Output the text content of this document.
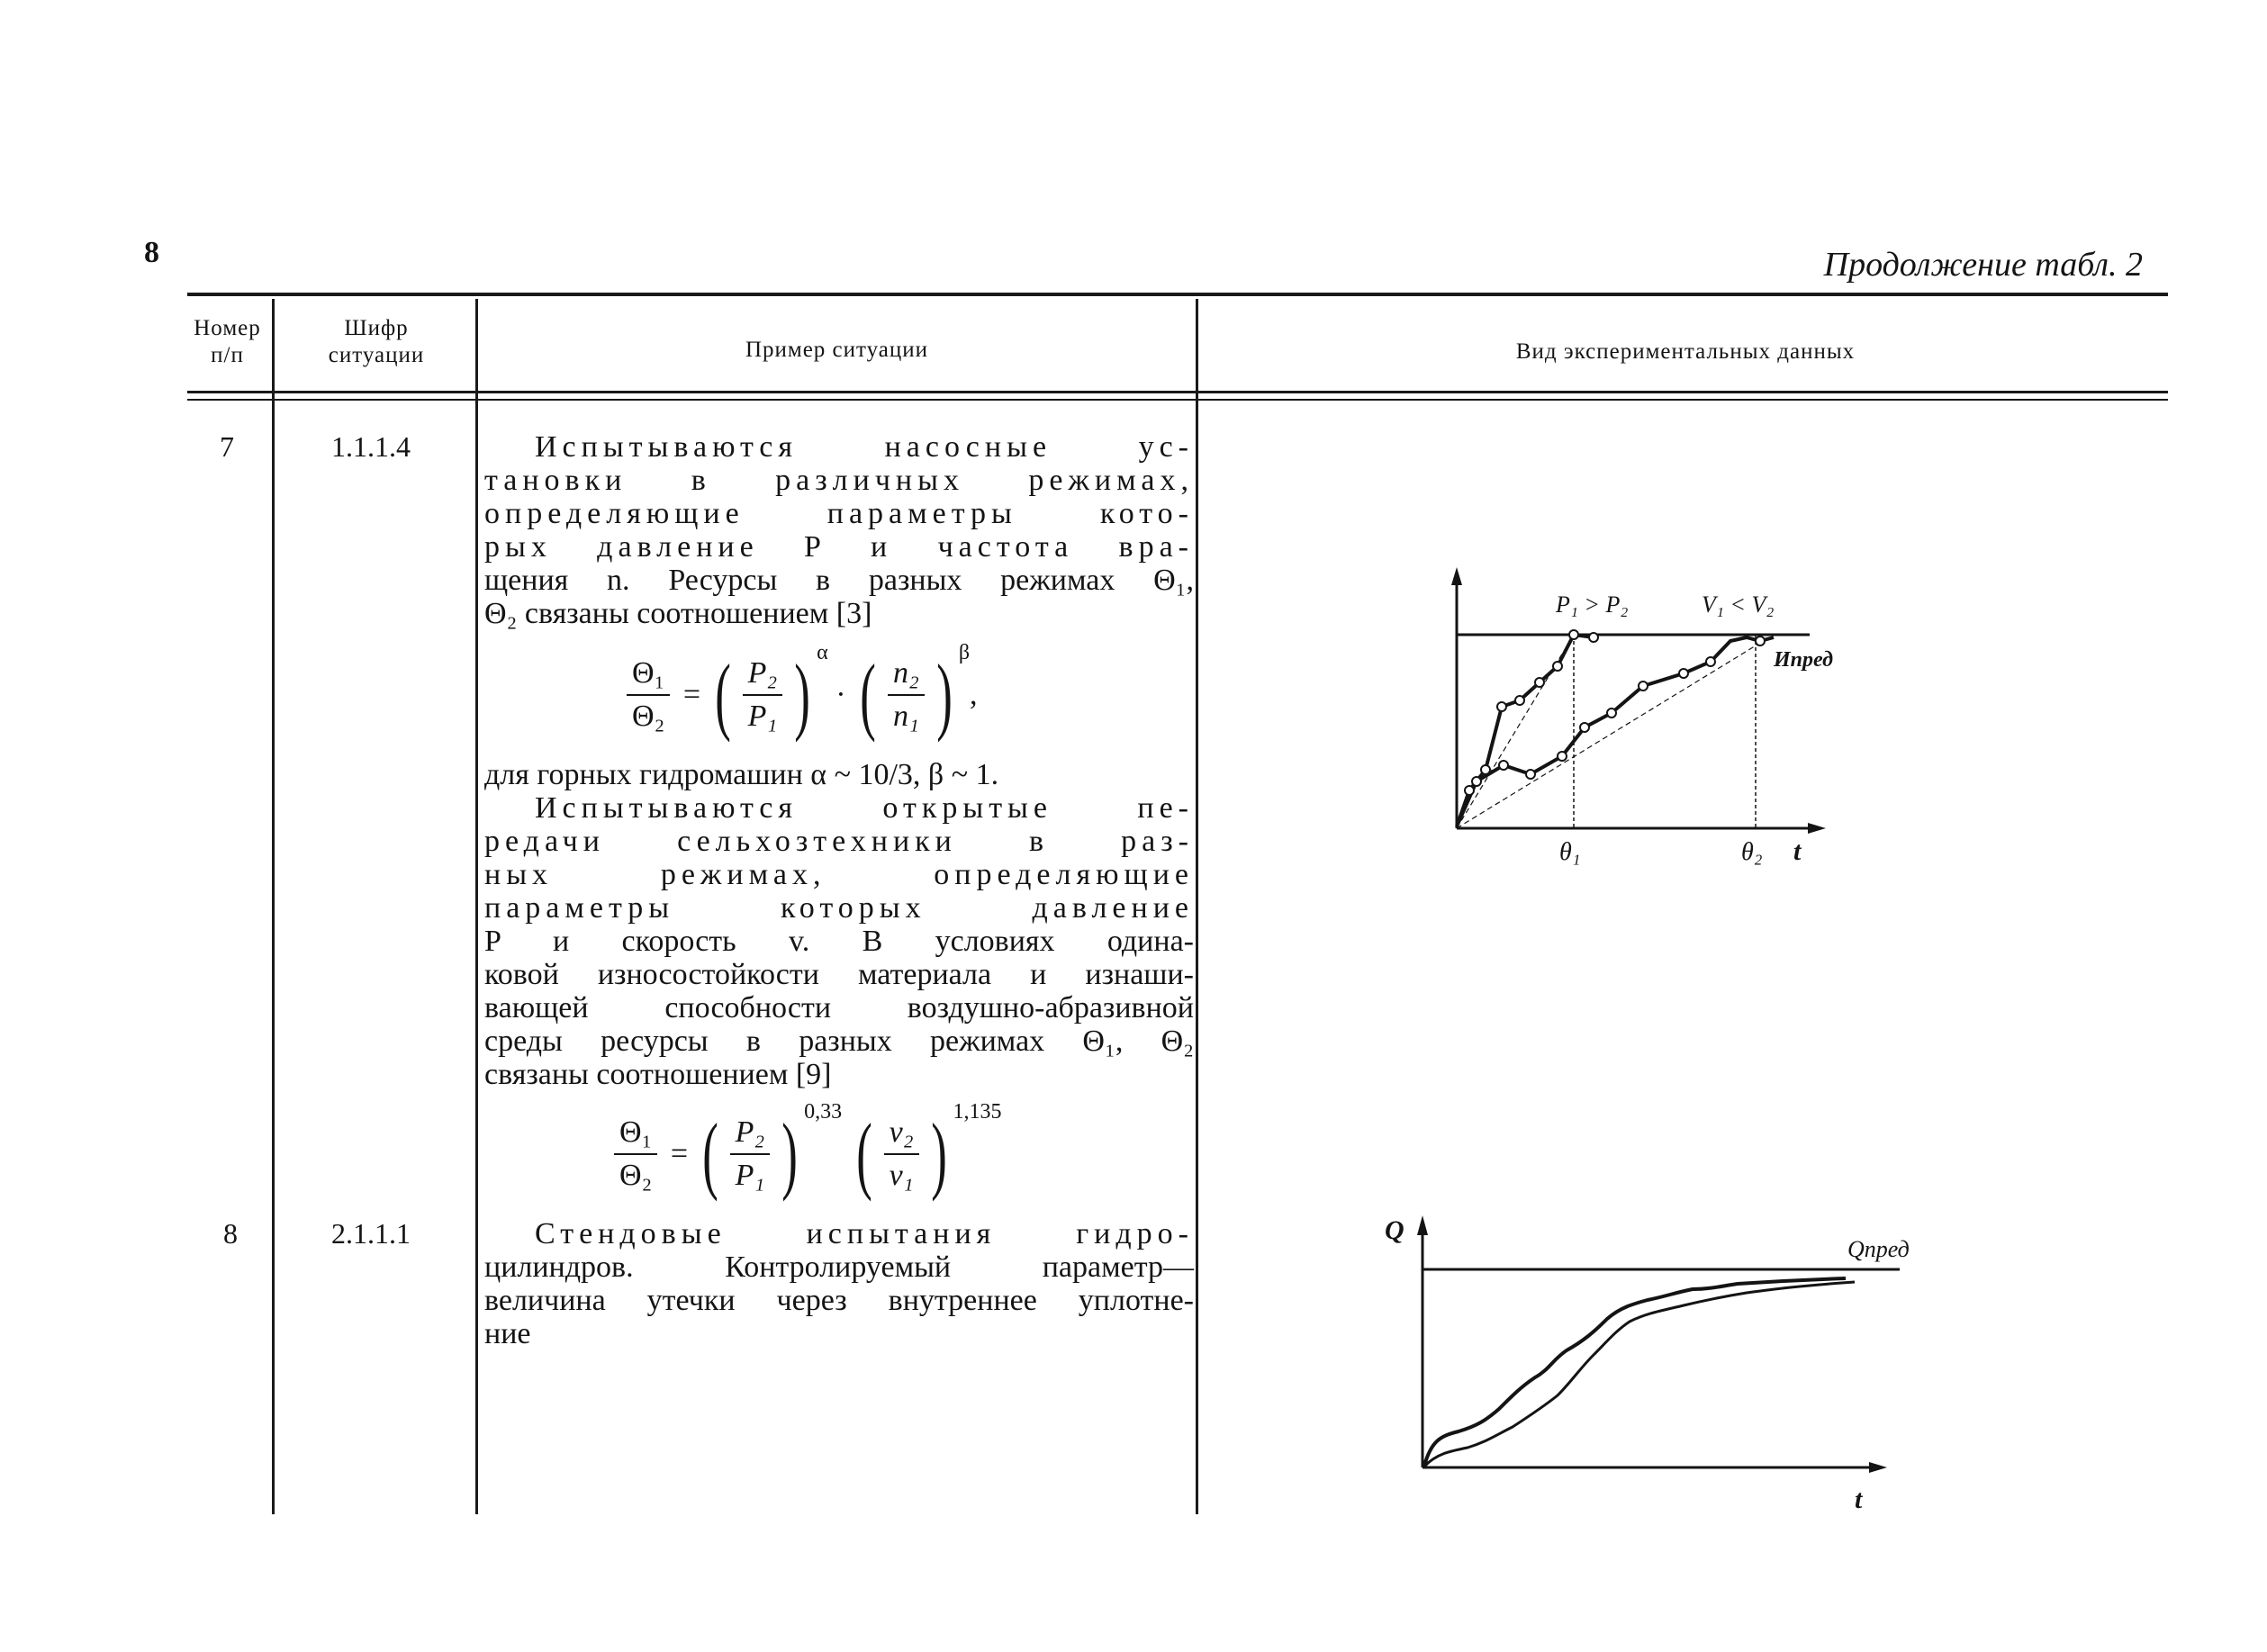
8	Продолжение табл. 2
Номер
п/п
Шифр
ситуации	Пример ситуации	Вид экспериментальных данных
7	1.1.1.4	Испытываются насосные ус-
тановки в различных режимах,
определяющие параметры кото-
рых давление P и частота вра-
щения n. Ресурсы в разных режимах Θ₁,
Θ₂ связаны соотношением [3]
$\frac{\text{Θ₁}}{\text{Θ₂}}$ = ( $\frac{\text{P₂}}{\text{P₁}}$ ) $^\alpha$ · ( $\frac{\text{n₂}}{\text{n₁}}$ ) $^\beta$,
для горных гидромашин α ~ 10/3, β ~ 1.
Испытываются открытые пе-
редачи сельхозтехники в раз-
ных режимах, определяющие
параметры которых давление
P и скорость v. В условиях одина-
ковой износостойкости материала и изнаши-
вающей способности воздушно-абразивной
среды ресурсы в разных режимах Θ₁, Θ₂
связаны соотношением [9]
$\frac{\text{Θ₁}}{\text{Θ₂}}$ = ( $\frac{\text{P₂}}{\text{P₁}}$ ) $^{0,33}$ ( $\frac{\text{v₂}}{\text{v₁}}$ ) $^{1,135}$
P₁ > P₂	V₁ < V₂
Ипред
θ₁	θ₂ t
8	2.1.1.1	Стендовые испытания гидро-
цилиндров. Контролируемый параметр—
величина утечки через внутреннее уплотне-
ние
Q
Qпред
t
